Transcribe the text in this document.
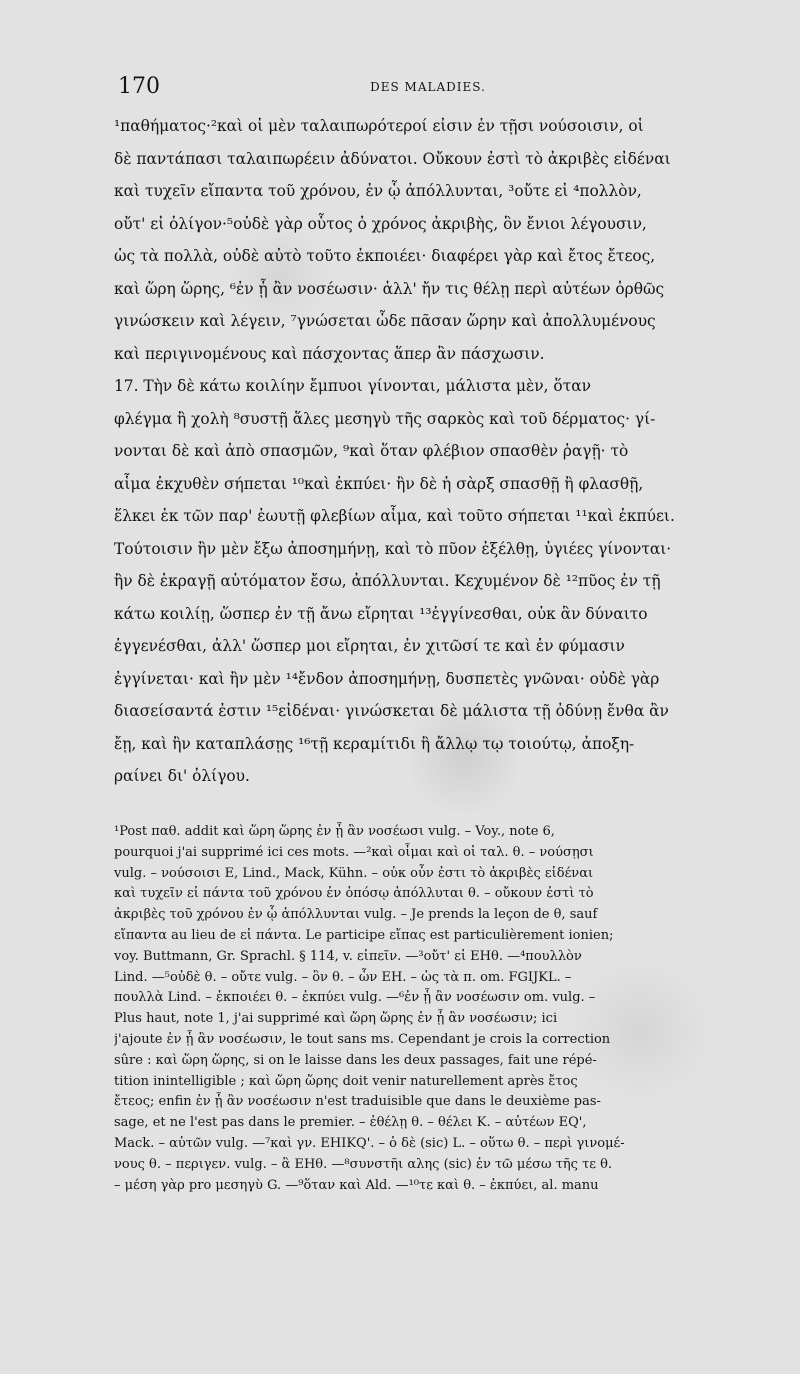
170	DES MALADIES.
¹παθήματος·²καὶ οἱ μὲν ταλαιπωρότεροί εἰσιν ἐν τῇσι νούσοισιν, οἱ
δὲ παντάπασι ταλαιπωρέειν ἀδύνατοι. Οὔκουν ἐστὶ τὸ ἀκριβὲς εἰδέναι
καὶ τυχεῖν εἴπαντα τοῦ χρόνου, ἐν ᾧ ἀπόλλυνται, ³οὔτε εἰ ⁴πολλὸν,
οὔτ' εἰ ὀλίγον·⁵οὐδὲ γὰρ οὗτος ὁ χρόνος ἀκριβὴς, ὃν ἔνιοι λέγουσιν,
ὡς τὰ πολλὰ, οὐδὲ αὐτὸ τοῦτο ἐκποιέει· διαφέρει γὰρ καὶ ἔτος ἔτεος,
καὶ ὥρη ὥρης, ⁶ἐν ᾗ ἂν νοσέωσιν· ἀλλ' ἤν τις θέλῃ περὶ αὐτέων ὀρθῶς
γινώσκειν καὶ λέγειν, ⁷γνώσεται ὧδε πᾶσαν ὥρην καὶ ἀπολλυμένους
καὶ περιγινομένους καὶ πάσχοντας ἅπερ ἂν πάσχωσιν.
17. Τὴν δὲ κάτω κοιλίην ἔμπυοι γίνονται, μάλιστα μὲν, ὅταν
φλέγμα ἢ χολὴ ⁸συστῇ ἅλες μεσηγὺ τῆς σαρκὸς καὶ τοῦ δέρματος· γί-
νονται δὲ καὶ ἀπὸ σπασμῶν, ⁹καὶ ὅταν φλέβιον σπασθὲν ῥαγῇ· τὸ
αἷμα ἐκχυθὲν σήπεται ¹⁰καὶ ἐκπύει· ἢν δὲ ἡ σὰρξ σπασθῇ ἢ φλασθῇ,
ἕλκει ἐκ τῶν παρ' ἑωυτῇ φλεβίων αἷμα, καὶ τοῦτο σήπεται ¹¹καὶ ἐκπύει.
Τούτοισιν ἢν μὲν ἔξω ἀποσημήνῃ, καὶ τὸ πῦον ἐξέλθῃ, ὑγιέες γίνονται·
ἢν δὲ ἐκραγῇ αὐτόματον ἔσω, ἀπόλλυνται. Κεχυμένον δὲ ¹²πῦος ἐν τῇ
κάτω κοιλίῃ, ὥσπερ ἐν τῇ ἄνω εἴρηται ¹³ἐγγίνεσθαι, οὐκ ἂν δύναιτο
ἐγγενέσθαι, ἀλλ' ὥσπερ μοι εἴρηται, ἐν χιτῶσί τε καὶ ἐν φύμασιν
ἐγγίνεται· καὶ ἢν μὲν ¹⁴ἔνδον ἀποσημήνῃ, δυσπετὲς γνῶναι· οὐδὲ γὰρ
διασείσαντά ἐστιν ¹⁵εἰδέναι· γινώσκεται δὲ μάλιστα τῇ ὀδύνῃ ἔνθα ἂν
ἔῃ, καὶ ἢν καταπλάσῃς ¹⁶τῇ κεραμίτιδι ἢ ἄλλῳ τῳ τοιούτῳ, ἀποξη-
ραίνει δι' ὀλίγου.
¹Post παθ. addit καὶ ὥρη ὥρης ἐν ᾗ ἂν νοσέωσι vulg. – Voy., note 6,
pourquoi j'ai supprimé ici ces mots. —²καὶ οἶμαι καὶ οἱ ταλ. θ. – νούσῃσι
vulg. – νούσοισι E, Lind., Mack, Kühn. – οὐκ οὖν ἐστι τὸ ἀκριβὲς εἰδέναι
καὶ τυχεῖν εἰ πάντα τοῦ χρόνου ἐν ὁπόσῳ ἀπόλλυται θ. – οὔκουν ἐστὶ τὸ
ἀκριβὲς τοῦ χρόνου ἐν ᾧ ἀπόλλυνται vulg. – Je prends la leçon de θ, sauf
εἴπαντα au lieu de εἰ πάντα. Le participe εἴπας est particulièrement ionien;
voy. Buttmann, Gr. Sprachl. § 114, v. εἰπεῖν. —³οὔτ' εἰ ΕΗθ. —⁴πουλλὸν
Lind. —⁵οὐδὲ θ. – οὔτε vulg. – ὃν θ. – ὧν EH. – ὡς τὰ π. om. FGIJKL. –
πουλλὰ Lind. – ἐκποιέει θ. – ἐκπύει vulg. —⁶ἐν ᾗ ἂν νοσέωσιν om. vulg. –
Plus haut, note 1, j'ai supprimé καὶ ὥρη ὥρης ἐν ᾗ ἂν νοσέωσιν; ici
j'ajoute ἐν ᾗ ἂν νοσέωσιν, le tout sans ms. Cependant je crois la correction
sûre : καὶ ὥρη ὥρης, si on le laisse dans les deux passages, fait une répé-
tition inintelligible ; καὶ ὥρη ὥρης doit venir naturellement après ἔτος
ἔτεος; enfin ἐν ᾗ ἂν νοσέωσιν n'est traduisible que dans le deuxième pas-
sage, et ne l'est pas dans le premier. – ἐθέλῃ θ. – θέλει K. – αὐτέων EQ',
Mack. – αὐτῶν vulg. —⁷καὶ γν. EHIKQ'. – ὁ δὲ (sic) L. – οὕτω θ. – περὶ γινομέ-
νους θ. – περιγεν. vulg. – ἃ ΕΗθ. —⁸συνστῆι αλης (sic) ἐν τῶ μέσω τῆς τε θ.
– μέση γὰρ pro μεσηγὺ G. —⁹ὅταν καὶ Ald. —¹⁰τε καὶ θ. – ἐκπύει, al. manu
